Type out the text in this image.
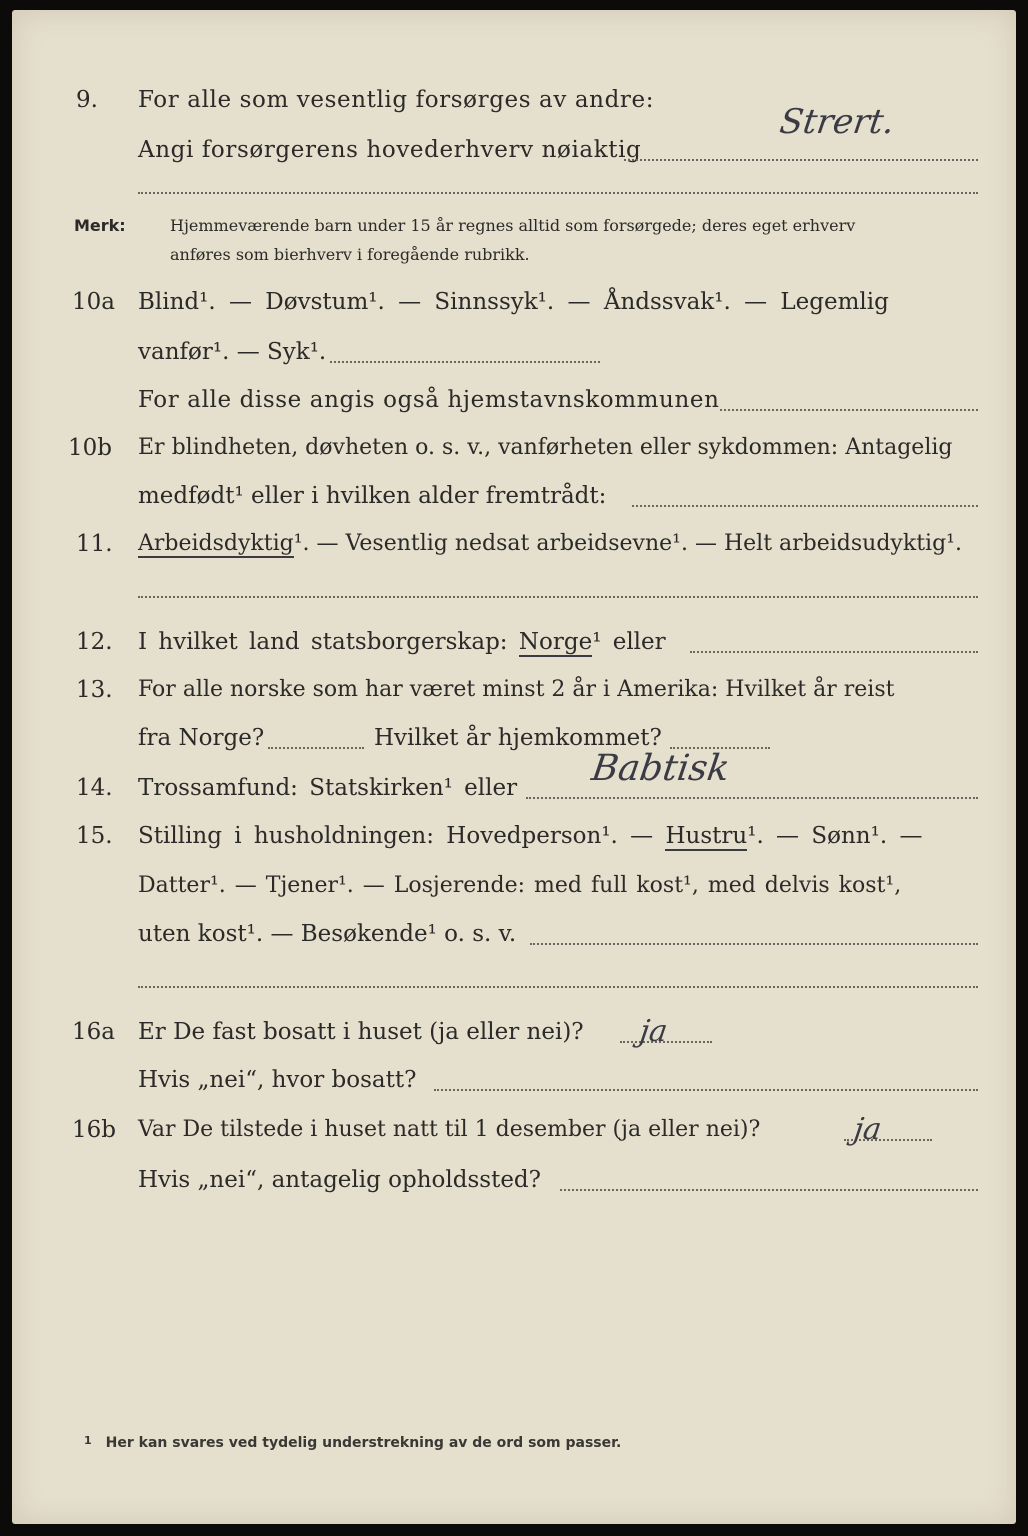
9. For alle som vesentlig forsørges av andre:
Angi forsørgerens hovederhverv nøiaktig
Strert.
Merk:	Hjemmeværende barn under 15 år regnes alltid som forsørgede; deres eget erhverv
anføres som bierhverv i foregående rubrikk.
10a Blind¹. — Døvstum¹. — Sinnssyk¹. — Åndssvak¹. — Legemlig
vanfør¹. — Syk¹.
For alle disse angis også hjemstavnskommunen
10b Er blindheten, døvheten o. s. v., vanførheten eller sykdommen: Antagelig
medfødt¹ eller i hvilken alder fremtrådt:
11. Arbeidsdyktig¹. — Vesentlig nedsat arbeidsevne¹. — Helt arbeidsudyktig¹.
12. I hvilket land statsborgerskap: Norge¹ eller
13. For alle norske som har været minst 2 år i Amerika: Hvilket år reist
fra Norge?	Hvilket år hjemkommet?
14. Trossamfund: Statskirken¹ eller Babtisk
15. Stilling i husholdningen: Hovedperson¹. — Hustru¹. — Sønn¹. —
Datter¹. — Tjener¹. — Losjerende: med full kost¹, med delvis kost¹,
uten kost¹. — Besøkende¹ o. s. v.
16a Er De fast bosatt i huset (ja eller nei)? ja
Hvis „nei“, hvor bosatt?
16b Var De tilstede i huset natt til 1 desember (ja eller nei)?	ja
Hvis „nei“, antagelig opholdssted?
$^1$ Her kan svares ved tydelig understrekning av de ord som passer.
